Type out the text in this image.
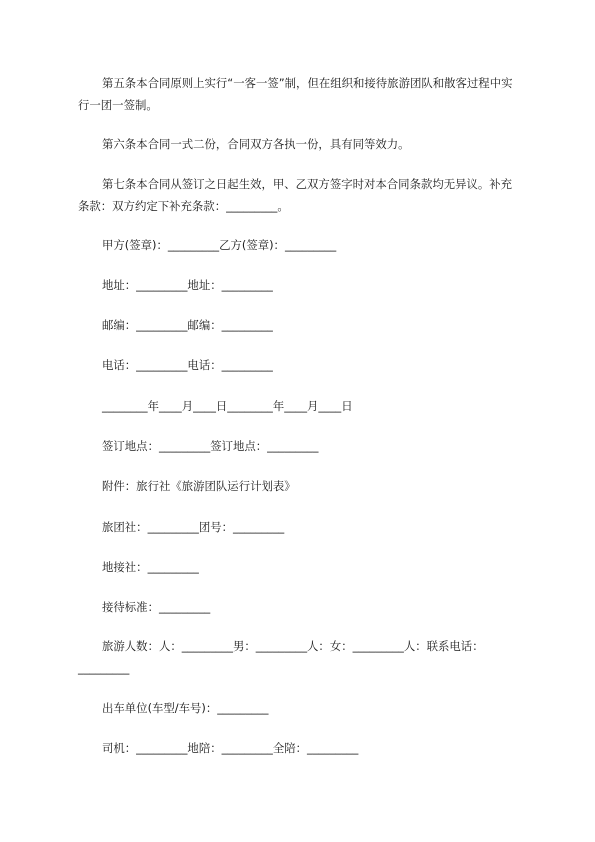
第五条本合同原则上实行“一客一签”制，但在组织和接待旅游团队和散客过程中实行一团一签制。

第六条本合同一式二份，合同双方各执一份，具有同等效力。

第七条本合同从签订之日起生效，甲、乙双方签字时对本合同条款均无异议。补充条款：双方约定下补充条款：_________。

甲方(签章)：_________乙方(签章)：_________

地址：_________地址：_________

邮编：_________邮编：_________

电话：_________电话：_________

________年____月____日________年____月____日

签订地点：_________签订地点：_________

附件：旅行社《旅游团队运行计划表》

旅团社：_________团号：_________

地接社：_________

接待标准：_________

旅游人数：人：_________男：_________人：女：_________人：联系电话：_________

出车单位(车型/车号)：_________

司机：_________地陪：_________全陪：_________
